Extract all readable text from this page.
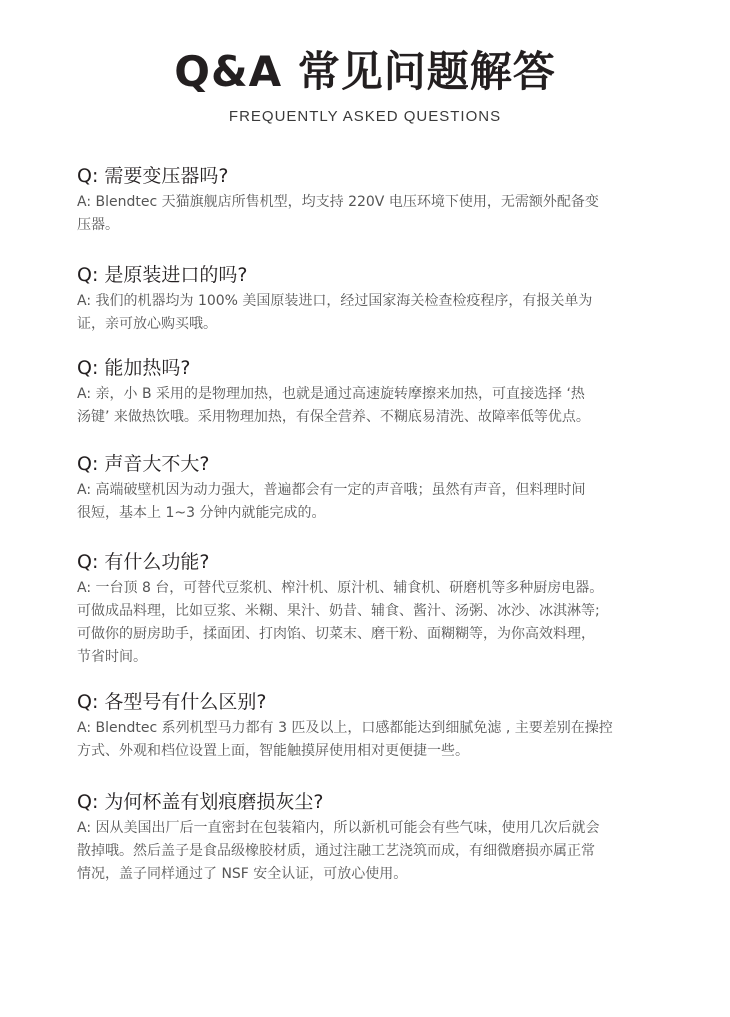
Q&A 常见问题解答
FREQUENTLY ASKED QUESTIONS
Q: 需要变压器吗?
A: Blendtec 天猫旗舰店所售机型，均支持 220V 电压环境下使用，无需额外配备变
压器。
Q: 是原装进口的吗?
A: 我们的机器均为 100% 美国原装进口，经过国家海关检查检疫程序，有报关单为
证，亲可放心购买哦。
Q: 能加热吗?
A: 亲，小 B 采用的是物理加热，也就是通过高速旋转摩擦来加热，可直接选择 ‘热
汤键’ 来做热饮哦。采用物理加热，有保全营养、不糊底易清洗、故障率低等优点。
Q: 声音大不大?
A: 高端破壁机因为动力强大，普遍都会有一定的声音哦；虽然有声音，但料理时间
很短，基本上 1~3 分钟内就能完成的。
Q: 有什么功能?
A: 一台顶 8 台，可替代豆浆机、榨汁机、原汁机、辅食机、研磨机等多种厨房电器。
可做成品料理，比如豆浆、米糊、果汁、奶昔、辅食、酱汁、汤粥、冰沙、冰淇淋等;
可做你的厨房助手，揉面团、打肉馅、切菜末、磨干粉、面糊糊等，为你高效料理，
节省时间。
Q: 各型号有什么区别?
A: Blendtec 系列机型马力都有 3 匹及以上，口感都能达到细腻免滤 , 主要差别在操控
方式、外观和档位设置上面，智能触摸屏使用相对更便捷一些。
Q: 为何杯盖有划痕磨损灰尘?
A: 因从美国出厂后一直密封在包装箱内，所以新机可能会有些气味，使用几次后就会
散掉哦。然后盖子是食品级橡胶材质，通过注融工艺浇筑而成，有细微磨损亦属正常
情况，盖子同样通过了 NSF 安全认证，可放心使用。
